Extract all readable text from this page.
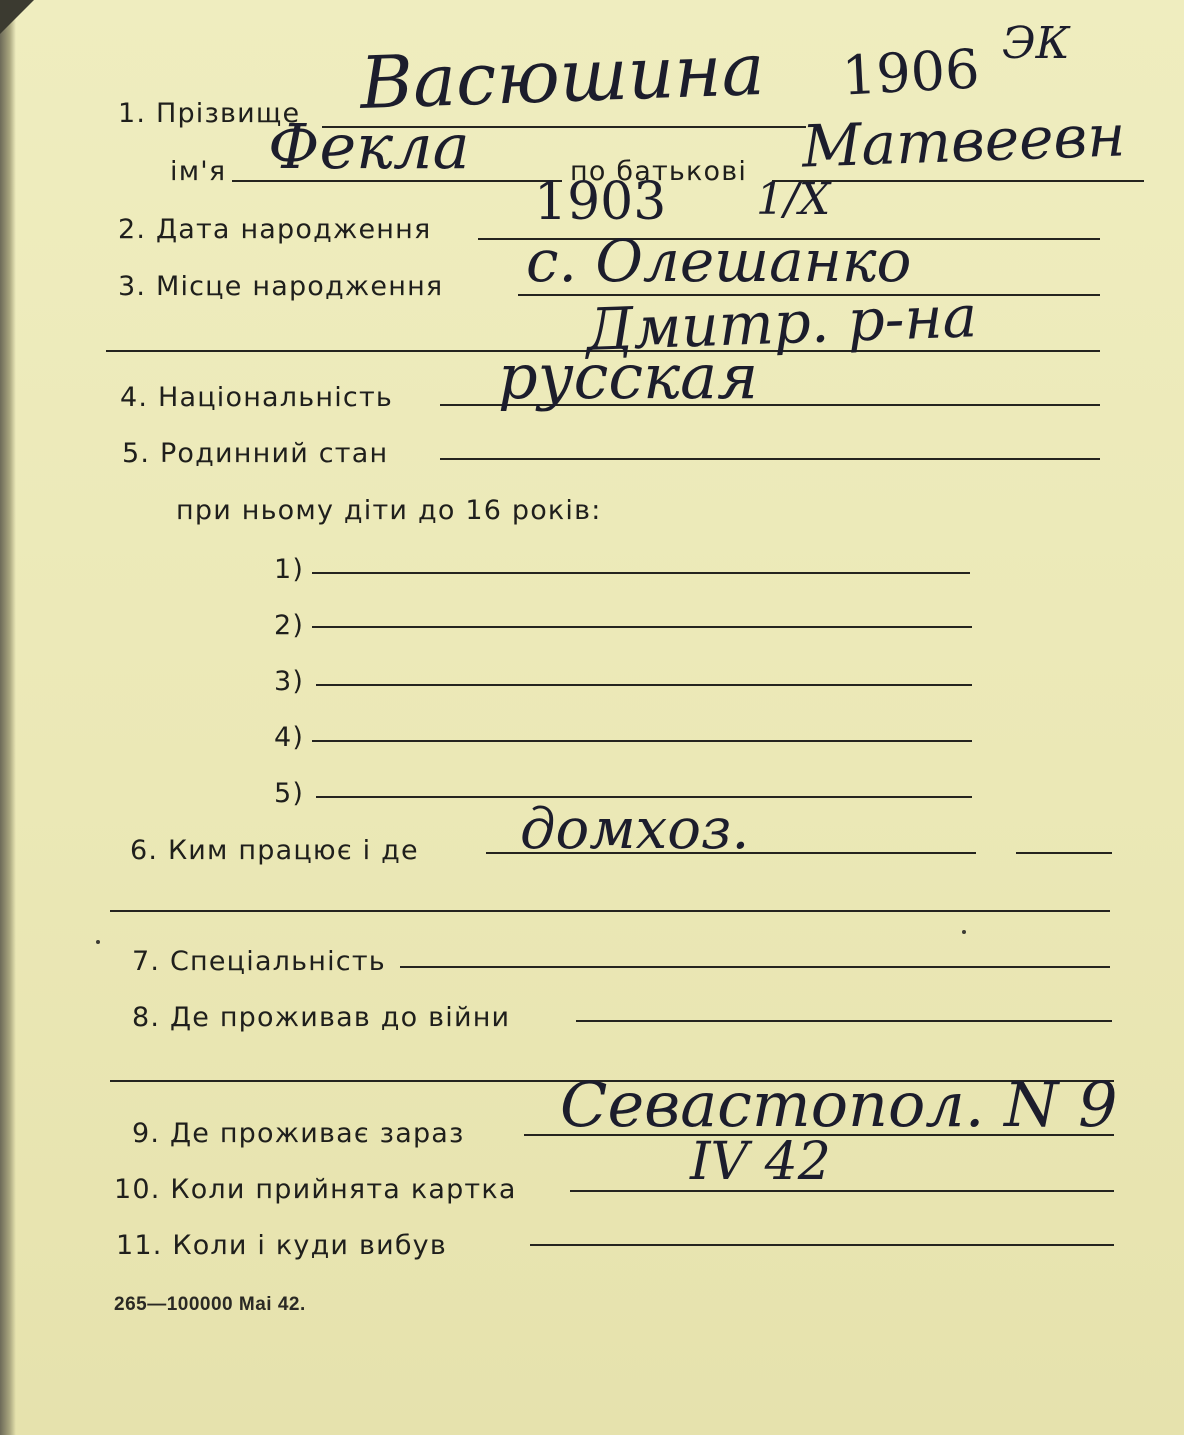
1. Прізвище Васюшина 1906 ЭК
ім'я Фекла	по батькові Матвеевн
2. Дата народження 1903 1/X
3. Місце народження с. Олешанко
Дмитр. р-на
4. Національність русская
5. Родинний стан
при ньому діти до 16 років:
1)
2)
3)
4)
5)
6. Ким працює і де домхоз.
7. Спеціальність
8. Де проживав до війни
9. Де проживає зараз Севастопол. N 9
10. Коли прийнята картка	IV 42
11. Коли і куди вибув
265—100000 Mai 42.
